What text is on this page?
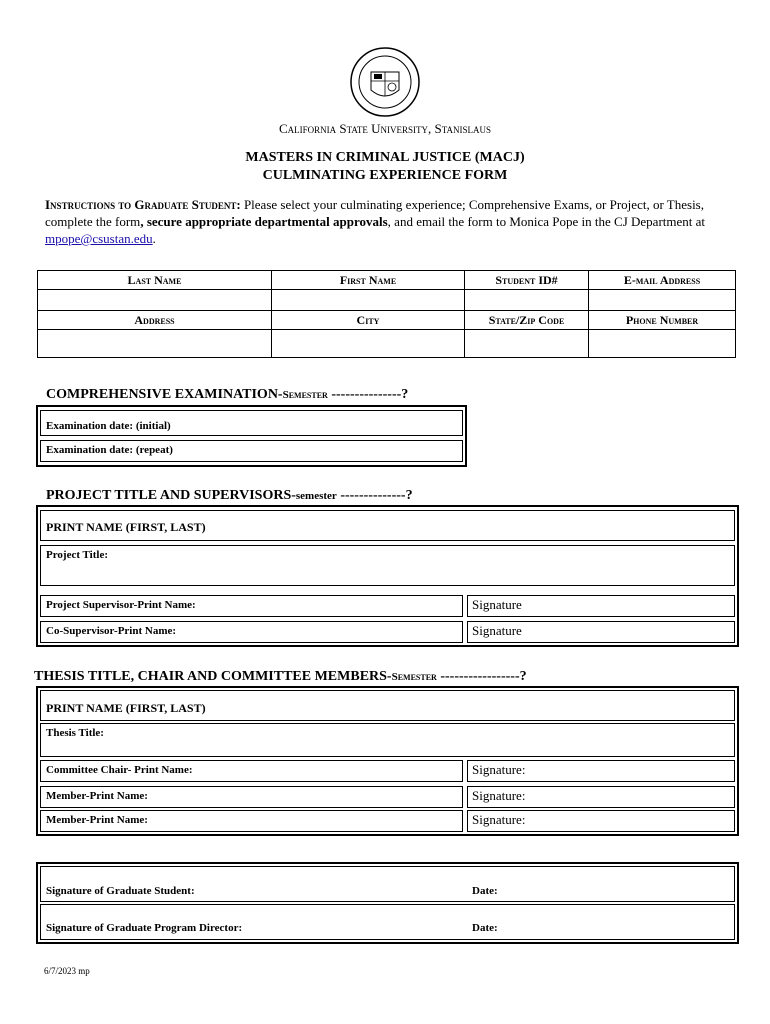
California State University, Stanislaus
MASTERS IN CRIMINAL JUSTICE (MACJ)
CULMINATING EXPERIENCE FORM
Instructions to Graduate Student: Please select your culminating experience; Comprehensive Exams, or Project, or Thesis, complete the form, secure appropriate departmental approvals, and email the form to Monica Pope in the CJ Department at mpope@csustan.edu.
Last Name	First Name	Student ID#	E-mail Address

Address	City	State/Zip Code	Phone Number

COMPREHENSIVE EXAMINATION-Semester ---------------?
Examination date: (initial)
Examination date: (repeat)
PROJECT TITLE AND SUPERVISORS-semester --------------?
PRINT NAME (FIRST, LAST)
Project Title:
Project Supervisor-Print Name:	Signature
Co-Supervisor-Print Name:	Signature
THESIS TITLE, CHAIR AND COMMITTEE MEMBERS-Semester -----------------?
PRINT NAME (FIRST, LAST)
Thesis Title:
Committee Chair- Print Name:	Signature:
Member-Print Name:	Signature:
Member-Print Name:	Signature:
Signature of Graduate Student:	Date:
Signature of Graduate Program Director:	Date:
6/7/2023 mp
